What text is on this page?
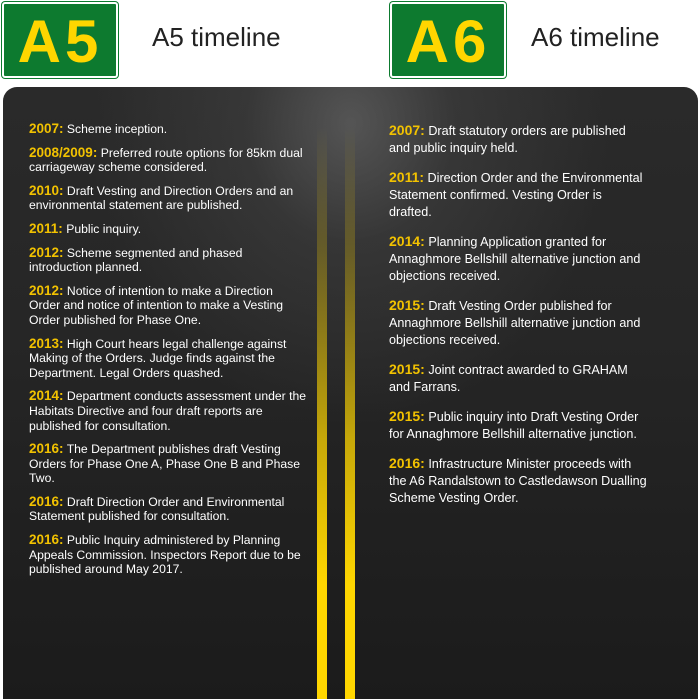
A5	A5 timeline A6	A6 timeline
2007: Scheme inception.
2008/2009: Preferred route options for 85km dual carriageway scheme considered.
2010: Draft Vesting and Direction Orders and an environmental statement are published.
2011: Public inquiry.
2012: Scheme segmented and phased introduction planned.
2012: Notice of intention to make a Direction Order and notice of intention to make a Vesting Order published for Phase One.
2013: High Court hears legal challenge against Making of the Orders. Judge finds against the Department. Legal Orders quashed.
2014: Department conducts assessment under the Habitats Directive and four draft reports are published for consultation.
2016: The Department publishes draft Vesting Orders for Phase One A, Phase One B and Phase Two.
2016: Draft Direction Order and Environmental Statement published for consultation.
2016: Public Inquiry administered by Planning Appeals Commission. Inspectors Report due to be published around May 2017.
2007: Draft statutory orders are published and public inquiry held.
2011: Direction Order and the Environmental Statement confirmed. Vesting Order is drafted.
2014: Planning Application granted for Annaghmore Bellshill alternative junction and objections received.
2015: Draft Vesting Order published for Annaghmore Bellshill alternative junction and objections received.
2015: Joint contract awarded to GRAHAM and Farrans.
2015: Public inquiry into Draft Vesting Order for Annaghmore Bellshill alternative junction.
2016: Infrastructure Minister proceeds with the A6 Randalstown to Castledawson Dualling Scheme Vesting Order.
